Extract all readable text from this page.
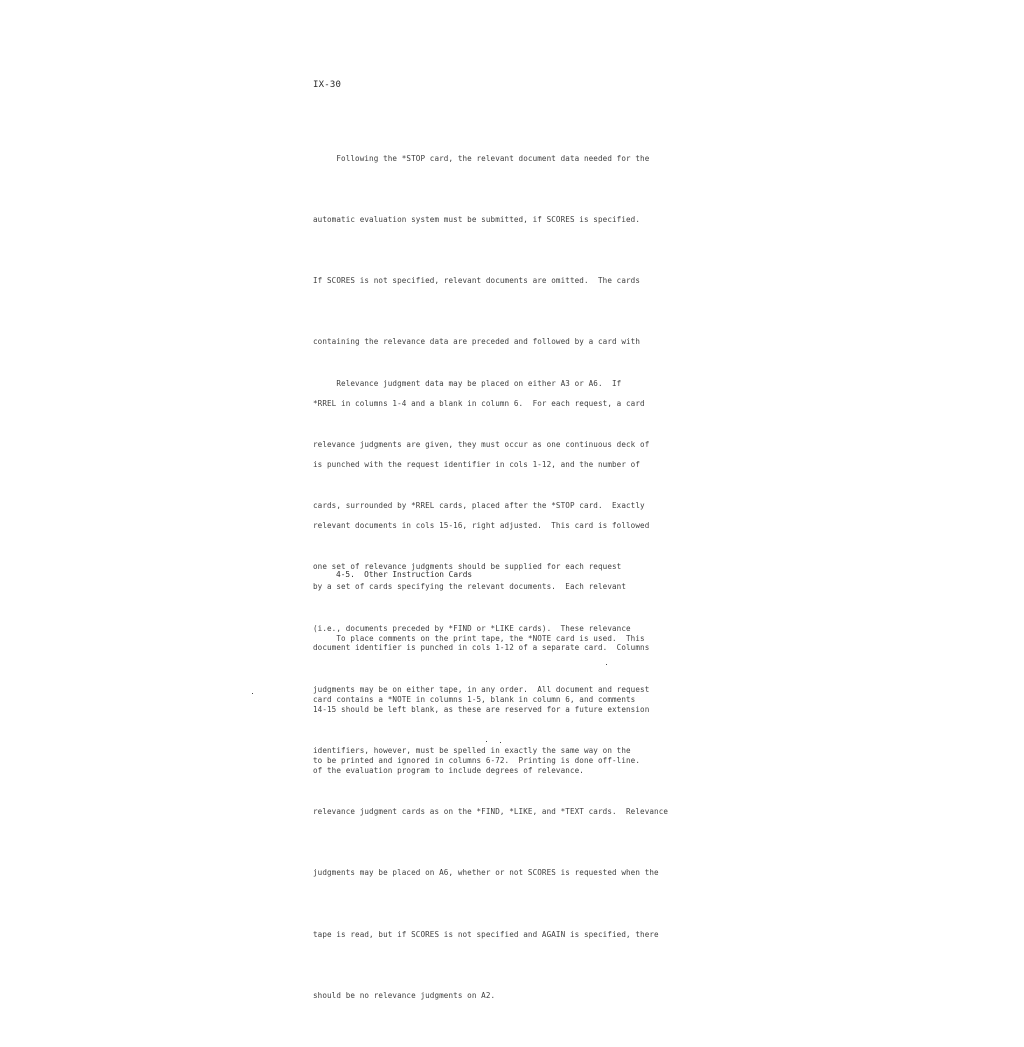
IX-30

Following the *STOP card, the relevant document data needed for the

automatic evaluation system must be submitted, if SCORES is specified.

If SCORES is not specified, relevant documents are omitted.  The cards

containing the relevance data are preceded and followed by a card with

*RREL in columns 1-4 and a blank in column 6.  For each request, a card

is punched with the request identifier in cols 1-12, and the number of

relevant documents in cols 15-16, right adjusted.  This card is followed

by a set of cards specifying the relevant documents.  Each relevant

document identifier is punched in cols 1-12 of a separate card.  Columns

14-15 should be left blank, as these are reserved for a future extension

of the evaluation program to include degrees of relevance.

Relevance judgment data may be placed on either A3 or A6.  If

relevance judgments are given, they must occur as one continuous deck of

cards, surrounded by *RREL cards, placed after the *STOP card.  Exactly

one set of relevance judgments should be supplied for each request

(i.e., documents preceded by *FIND or *LIKE cards).  These relevance

judgments may be on either tape, in any order.  All document and request

identifiers, however, must be spelled in exactly the same way on the

relevance judgment cards as on the *FIND, *LIKE, and *TEXT cards.  Relevance

judgments may be placed on A6, whether or not SCORES is requested when the

tape is read, but if SCORES is not specified and AGAIN is specified, there

should be no relevance judgments on A2.

4-5.  Other Instruction Cards

To place comments on the print tape, the *NOTE card is used.  This

card contains a *NOTE in columns 1-5, blank in column 6, and comments

to be printed and ignored in columns 6-72.  Printing is done off-line.
